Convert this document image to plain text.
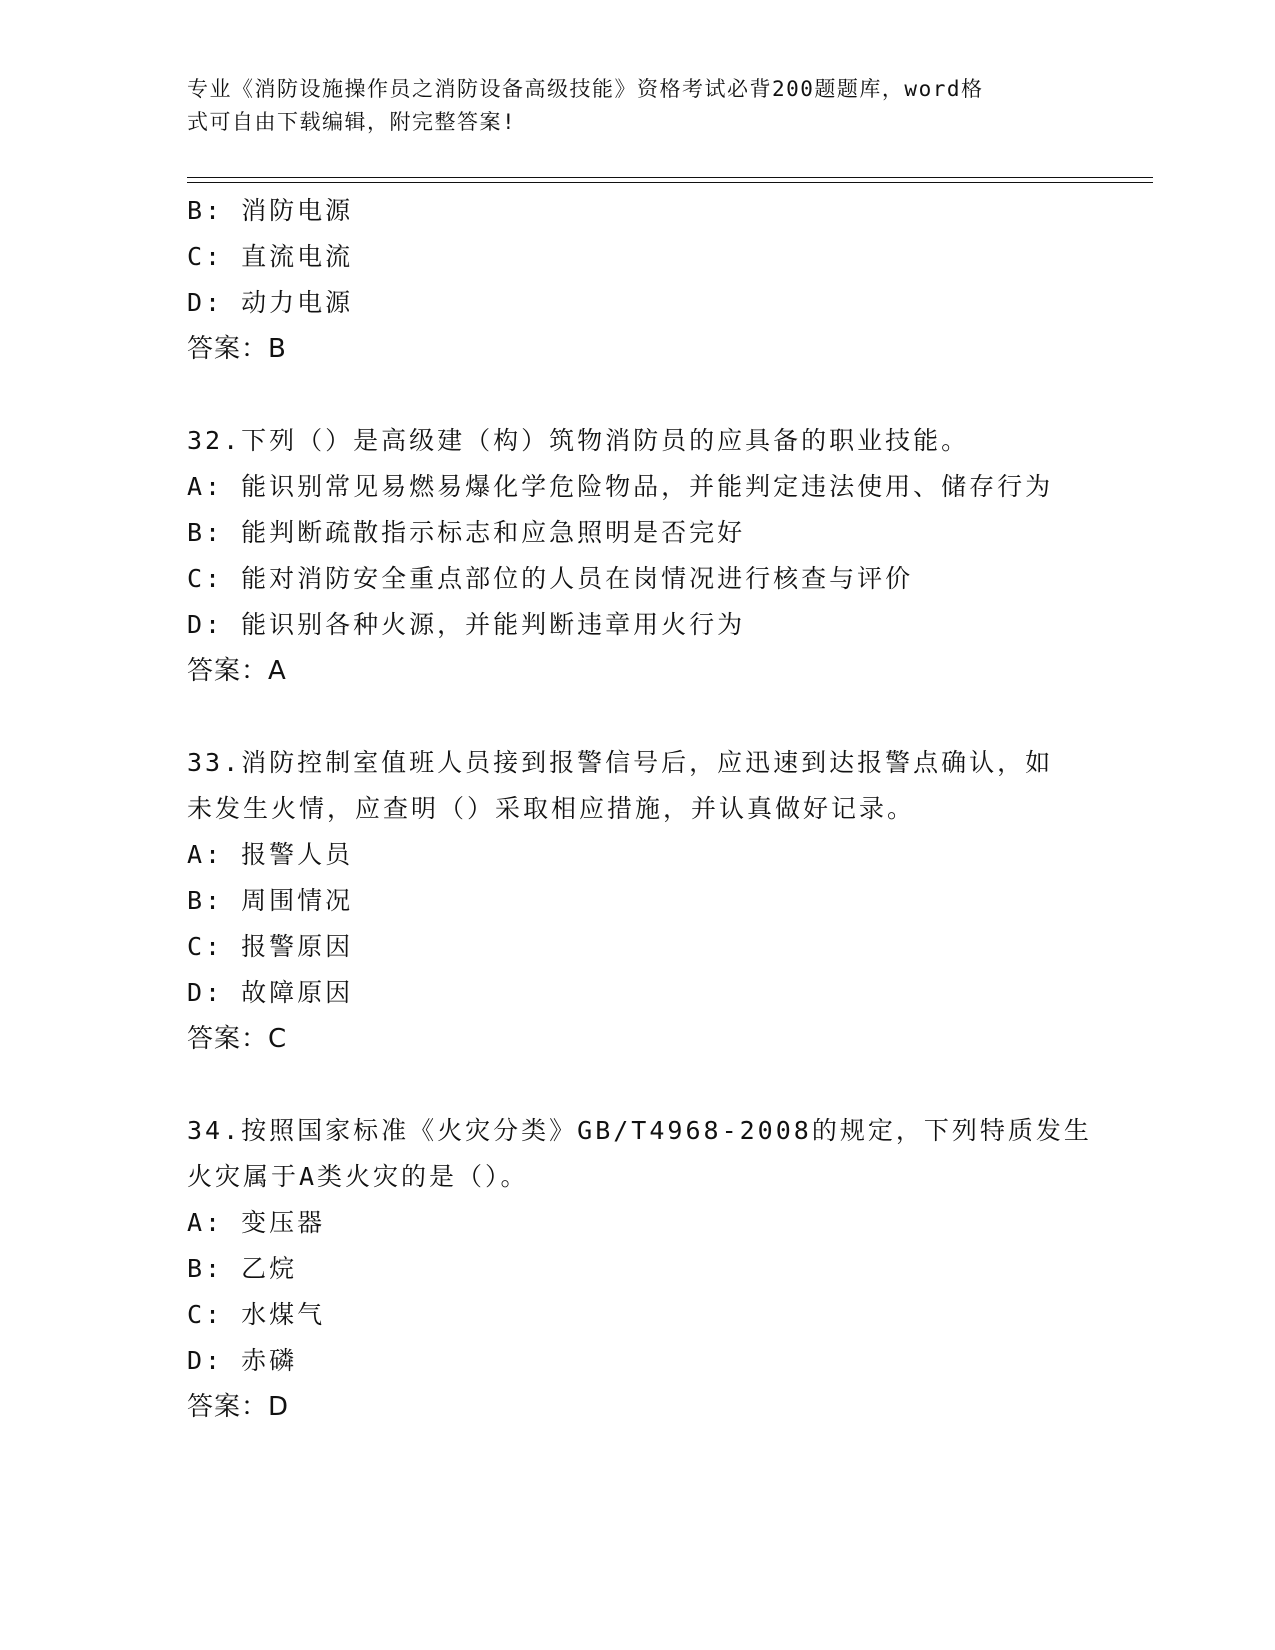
专业《消防设施操作员之消防设备高级技能》资格考试必背200题题库，word格
式可自由下载编辑，附完整答案!
B: 消防电源
C: 直流电流
D: 动力电源
答案：B
32.下列（）是高级建（构）筑物消防员的应具备的职业技能。
A: 能识别常见易燃易爆化学危险物品，并能判定违法使用、储存行为
B: 能判断疏散指示标志和应急照明是否完好
C: 能对消防安全重点部位的人员在岗情况进行核查与评价
D: 能识别各种火源，并能判断违章用火行为
答案：A
33.消防控制室值班人员接到报警信号后，应迅速到达报警点确认，如
未发生火情，应查明（）采取相应措施，并认真做好记录。
A: 报警人员
B: 周围情况
C: 报警原因
D: 故障原因
答案：C
34.按照国家标准《火灾分类》GB/T4968-2008的规定，下列特质发生
火灾属于A类火灾的是（）。
A: 变压器
B: 乙烷
C: 水煤气
D: 赤磷
答案：D
